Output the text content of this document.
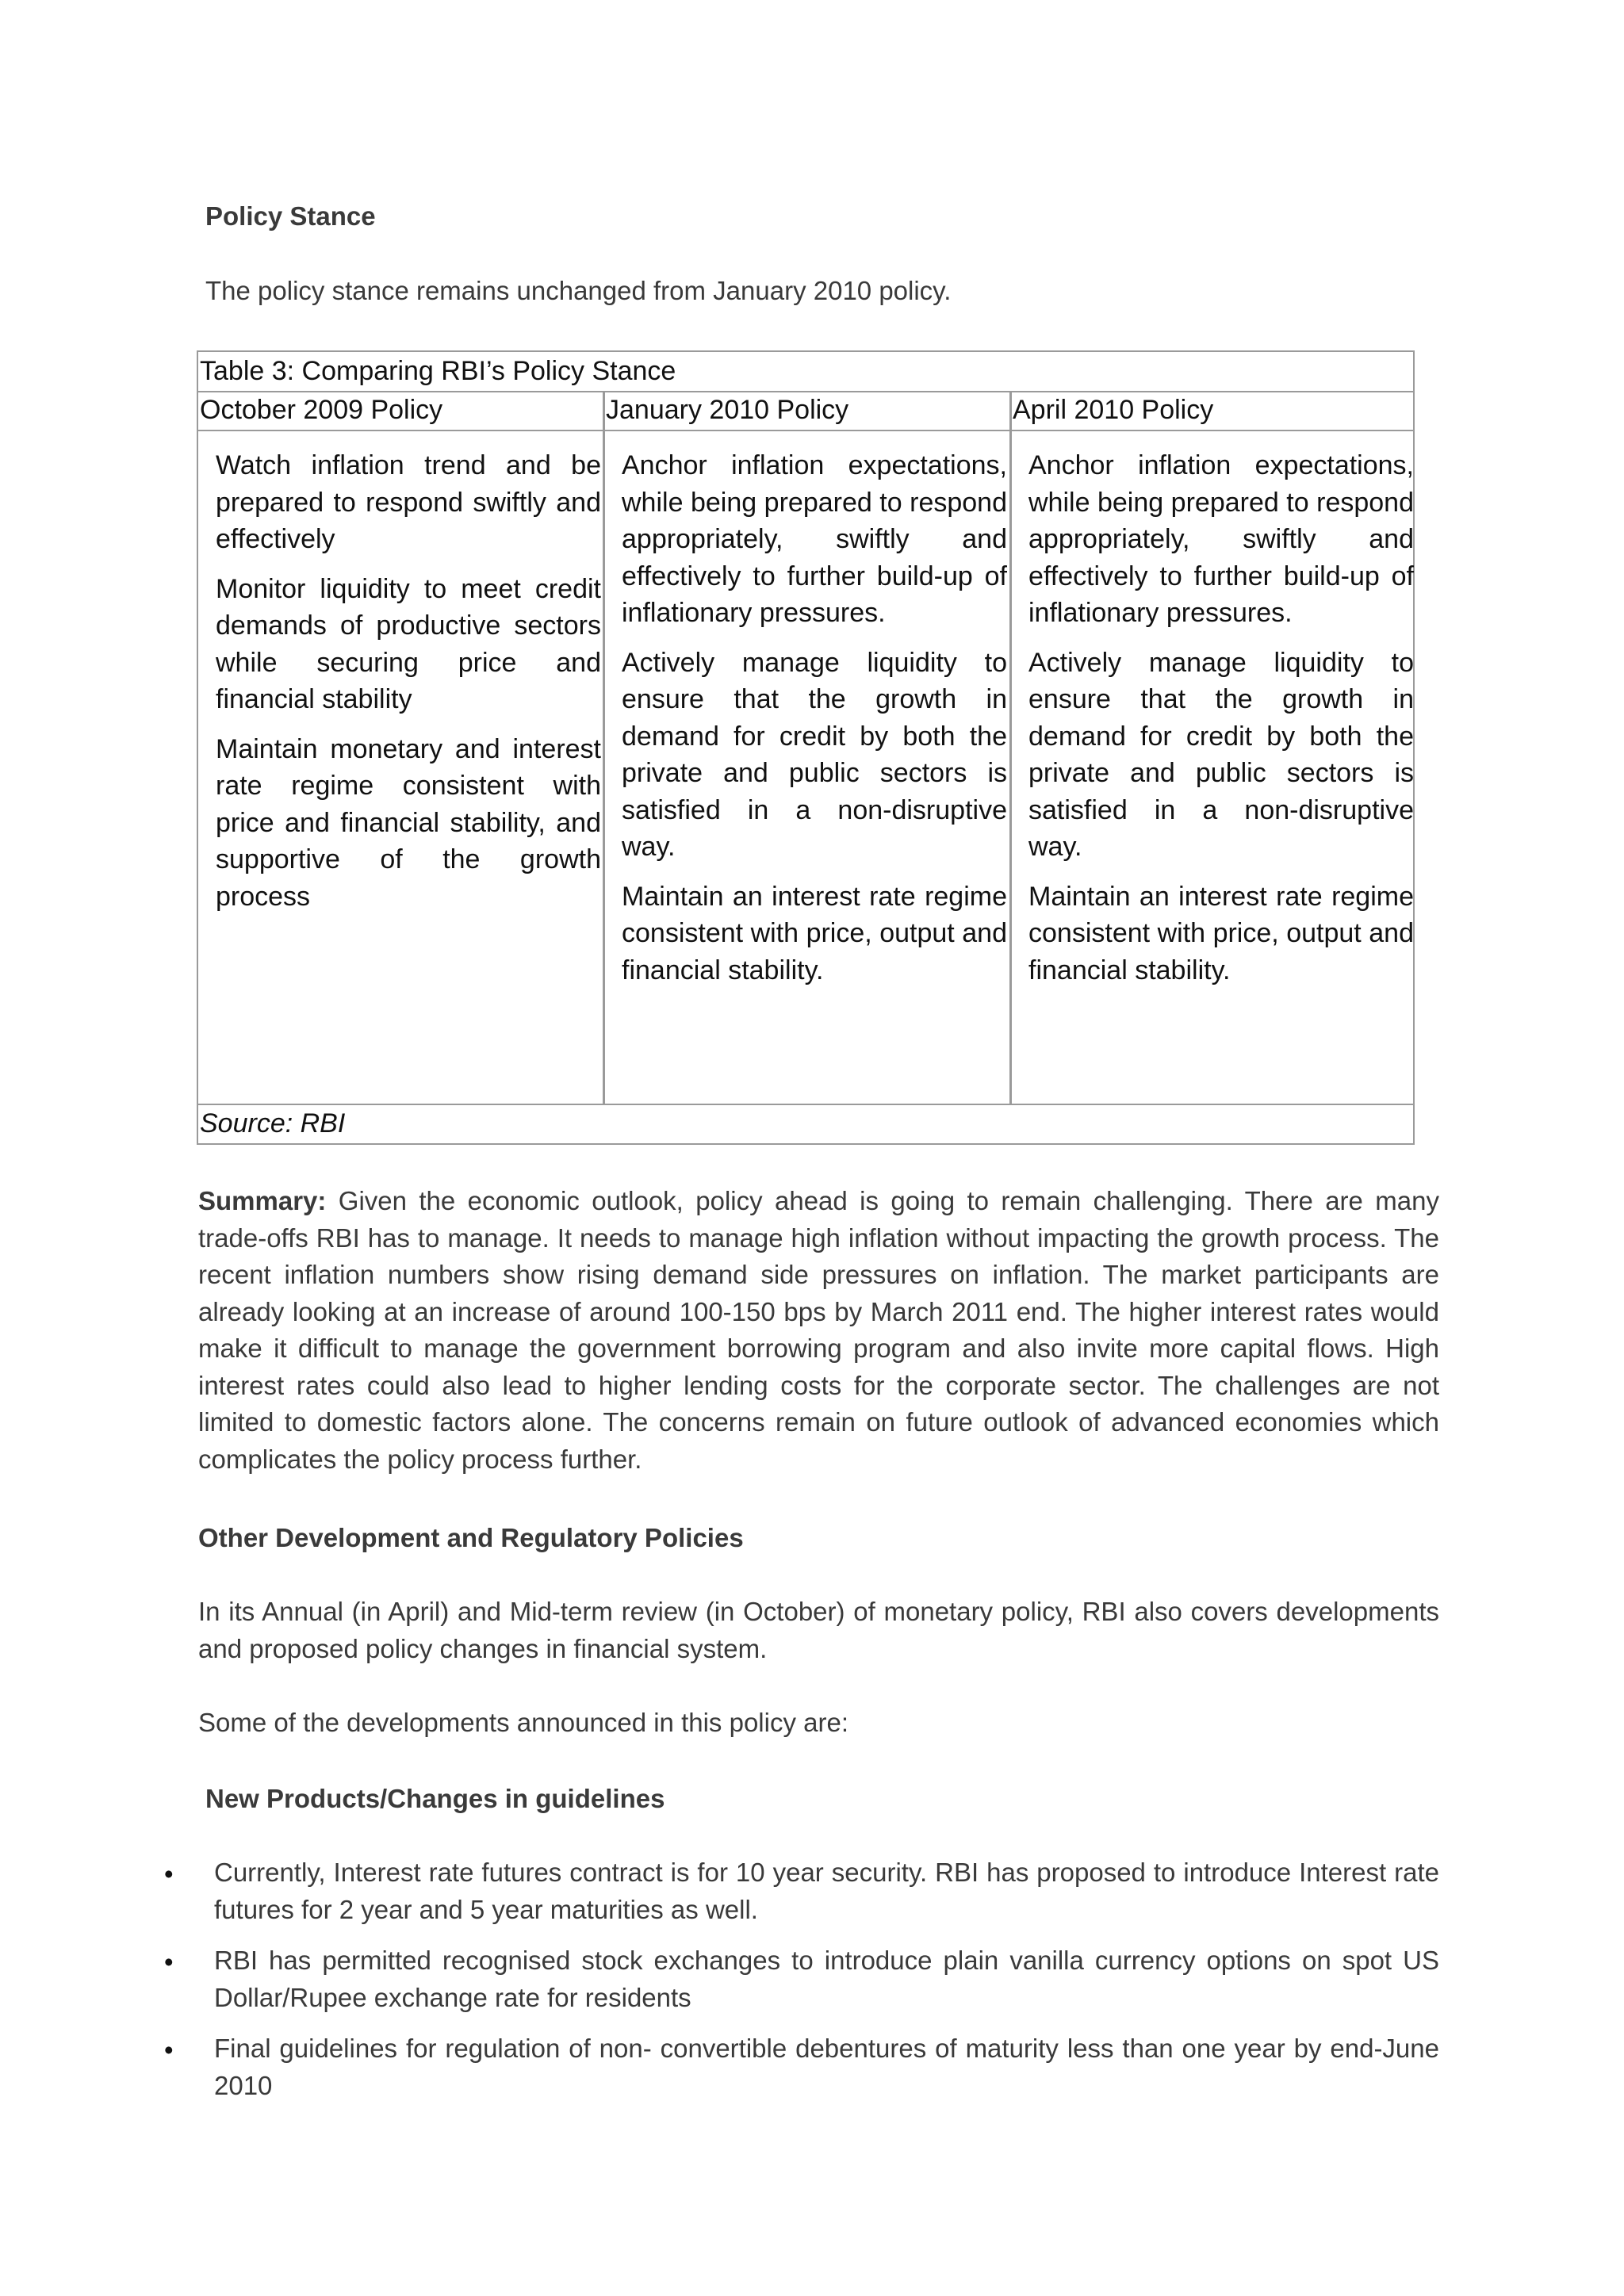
Policy Stance
The policy stance remains unchanged from January 2010 policy.
Table 3: Comparing RBI’s Policy Stance
October 2009 Policy	January 2010 Policy	April 2010 Policy

Watch inflation trend and be prepared to respond swiftly and effectively

Monitor liquidity to meet credit demands of productive sectors while securing price and financial stability

Maintain monetary and interest rate regime consistent with price and financial stability, and supportive of the growth process

Anchor inflation expectations, while being prepared to respond appropriately, swiftly and effectively to further build-up of inflationary pressures.

Actively manage liquidity to ensure that the growth in demand for credit by both the private and public sectors is satisfied in a non-disruptive way.

Maintain an interest rate regime consistent with price, output and financial stability.

Anchor inflation expectations, while being prepared to respond appropriately, swiftly and effectively to further build-up of inflationary pressures.

Actively manage liquidity to ensure that the growth in demand for credit by both the private and public sectors is satisfied in a non-disruptive way.

Maintain an interest rate regime consistent with price, output and financial stability.

Source: RBI
Summary: Given the economic outlook, policy ahead is going to remain challenging. There are many trade-offs RBI has to manage. It needs to manage high inflation without impacting the growth process. The recent inflation numbers show rising demand side pressures on inflation. The market participants are already looking at an increase of around 100-150 bps by March 2011 end. The higher interest rates would make it difficult to manage the government borrowing program and also invite more capital flows. High interest rates could also lead to higher lending costs for the corporate sector. The challenges are not limited to domestic factors alone. The concerns remain on future outlook of advanced economies which complicates the policy process further.
Other Development and Regulatory Policies
In its Annual (in April) and Mid-term review (in October) of monetary policy, RBI also covers developments and proposed policy changes in financial system.
Some of the developments announced in this policy are:
New Products/Changes in guidelines
• Currently, Interest rate futures contract is for 10 year security. RBI has proposed to introduce Interest rate futures for 2 year and 5 year maturities as well.
• RBI has permitted recognised stock exchanges to introduce plain vanilla currency options on spot US Dollar/Rupee exchange rate for residents
• Final guidelines for regulation of non- convertible debentures of maturity less than one year by end-June 2010
